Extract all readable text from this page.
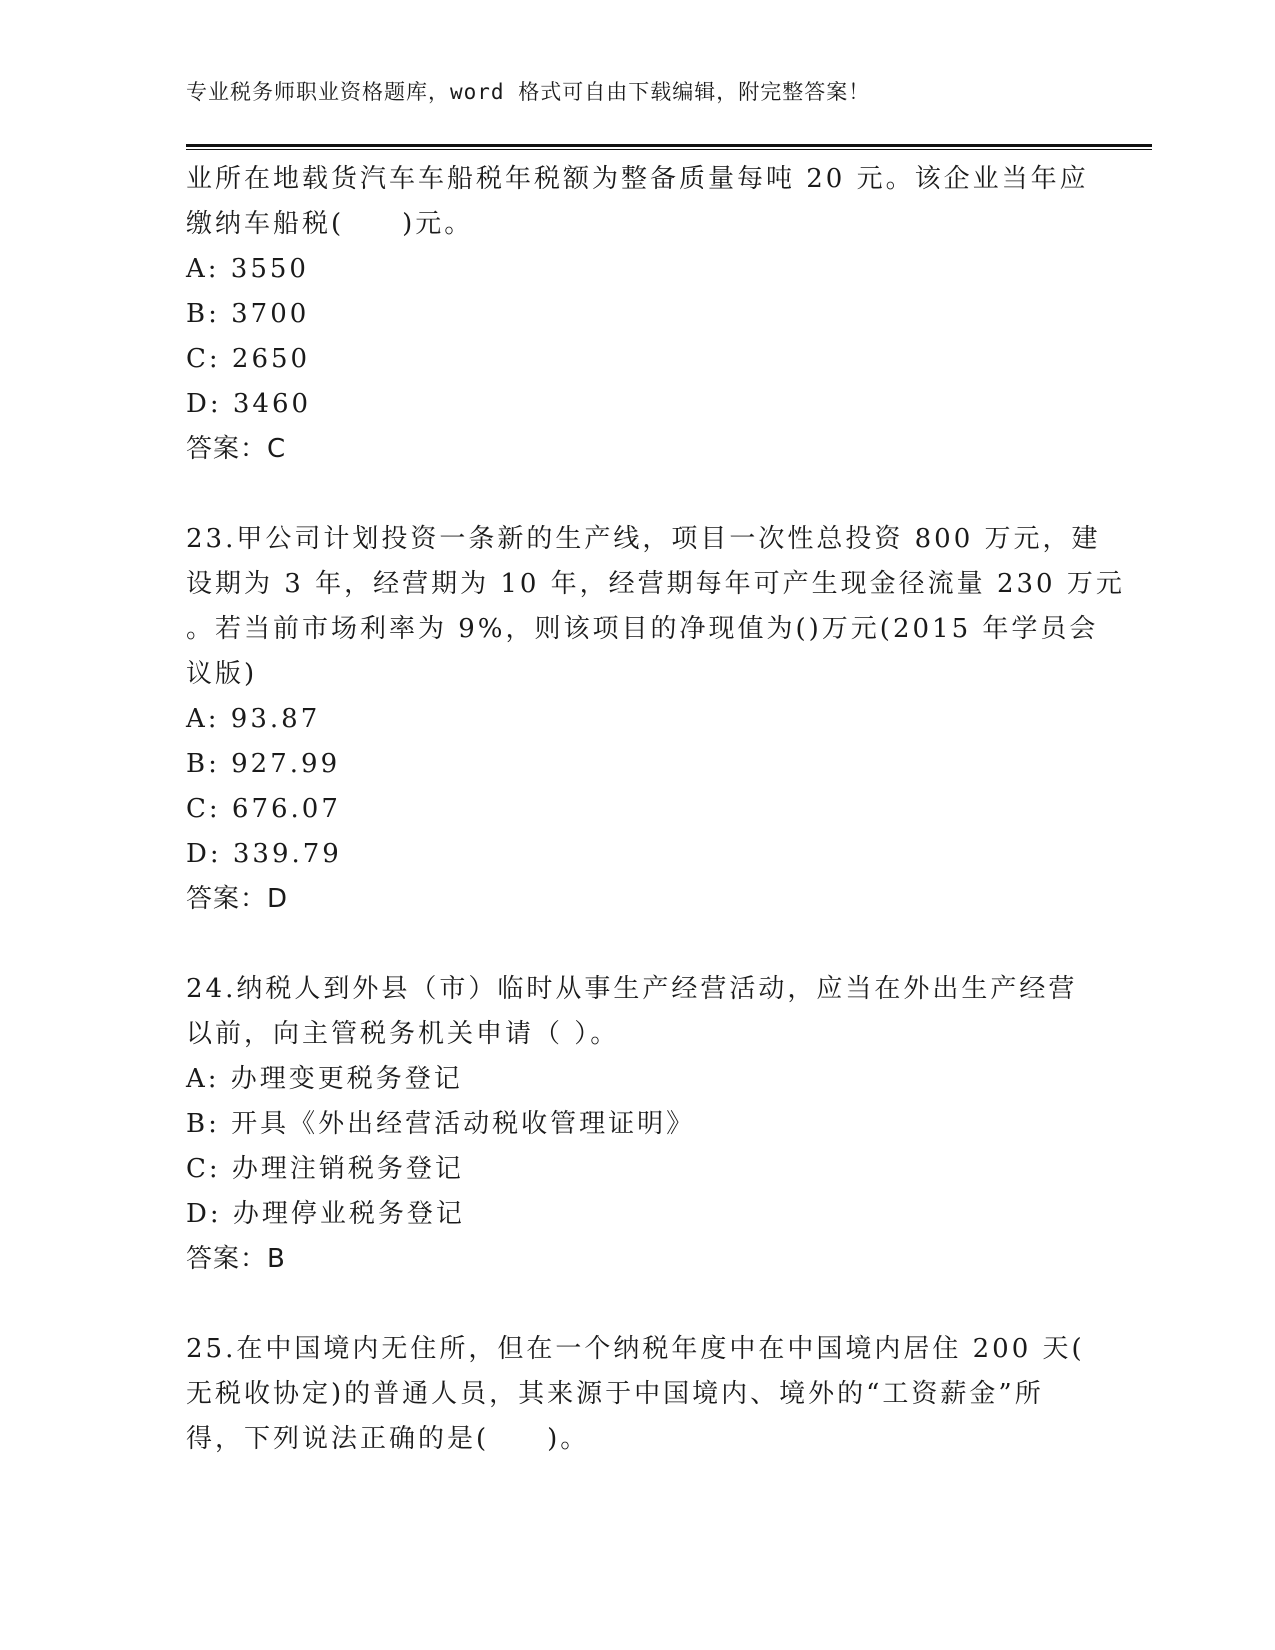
专业税务师职业资格题库，word 格式可自由下载编辑，附完整答案！
业所在地载货汽车车船税年税额为整备质量每吨 20 元。该企业当年应
缴纳车船税(　　)元。
A: 3550
B: 3700
C: 2650
D: 3460
答案：C
23.甲公司计划投资一条新的生产线，项目一次性总投资 800 万元，建
设期为 3 年，经营期为 10 年，经营期每年可产生现金径流量 230 万元
。若当前市场利率为 9%，则该项目的净现值为()万元(2015 年学员会
议版)
A: 93.87
B: 927.99
C: 676.07
D: 339.79
答案：D
24.纳税人到外县（市）临时从事生产经营活动，应当在外出生产经营
以前，向主管税务机关申请（ ）。
A: 办理变更税务登记
B: 开具《外出经营活动税收管理证明》
C: 办理注销税务登记
D: 办理停业税务登记
答案：B
25.在中国境内无住所，但在一个纳税年度中在中国境内居住 200 天(
无税收协定)的普通人员，其来源于中国境内、境外的“工资薪金”所
得，下列说法正确的是(　　)。
